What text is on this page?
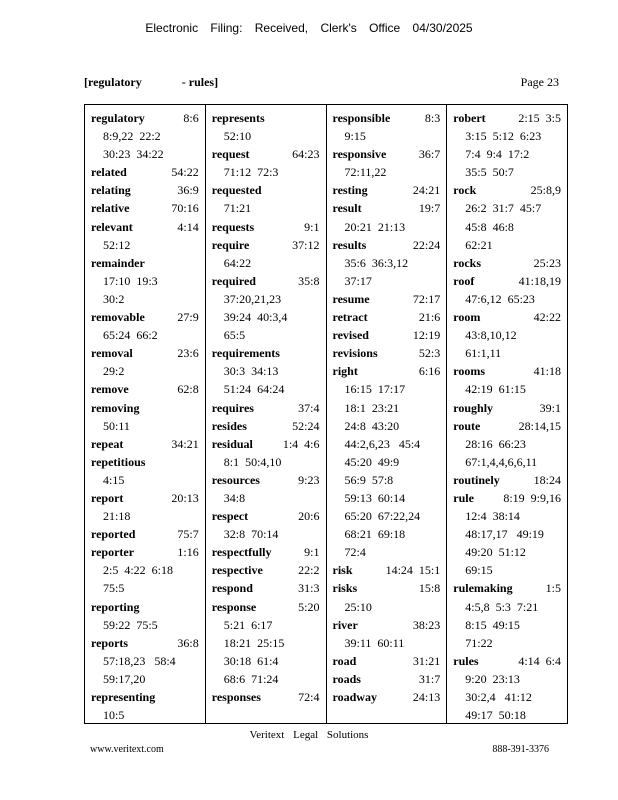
Electronic Filing: Received, Clerk's Office 04/30/2025
[regulatory	- rules]	Page 23
regulatory	8:6
8:9,22  22:2
30:23  34:22
related	54:22
relating	36:9
relative	70:16
relevant	4:14
52:12
remainder
17:10  19:3
30:2
removable	27:9
65:24  66:2
removal	23:6
29:2
remove	62:8
removing
50:11
repeat	34:21
repetitious
4:15
report	20:13
21:18
reported	75:7
reporter	1:16
2:5  4:22  6:18
75:5
reporting
59:22  75:5
reports	36:8
57:18,23   58:4
59:17,20
representing
10:5
represents
52:10
request	64:23
71:12  72:3
requested
71:21
requests	9:1
require	37:12
64:22
required	35:8
37:20,21,23
39:24  40:3,4
65:5
requirements
30:3  34:13
51:24  64:24
requires	37:4
resides	52:24
residual 1:4  4:6
8:1  50:4,10
resources	9:23
34:8
respect	20:6
32:8  70:14
respectfully	9:1
respective	22:2
respond	31:3
response	5:20
5:21  6:17
18:21  25:15
30:18  61:4
68:6  71:24
responses	72:4
responsible	8:3
9:15
responsive	36:7
72:11,22
resting	24:21
result	19:7
20:21  21:13
results	22:24
35:6  36:3,12
37:17
resume	72:17
retract	21:6
revised	12:19
revisions	52:3
right	6:16
16:15  17:17
18:1  23:21
24:8  43:20
44:2,6,23   45:4
45:20  49:9
56:9  57:8
59:13  60:14
65:20  67:22,24
68:21  69:18
72:4
risk	14:24  15:1
risks	15:8
25:10
river	38:23
39:11  60:11
road	31:21
roads	31:7
roadway	24:13
robert	2:15  3:5
3:15  5:12  6:23
7:4  9:4  17:2
35:5  50:7
rock	25:8,9
26:2  31:7  45:7
45:8  46:8
62:21
rocks	25:23
roof	41:18,19
47:6,12  65:23
room	42:22
43:8,10,12
61:1,11
rooms	41:18
42:19  61:15
roughly	39:1
route	28:14,15
28:16  66:23
67:1,4,4,6,6,11
routinely	18:24
rule 8:19  9:9,16
12:4  38:14
48:17,17   49:19
49:20  51:12
69:15
rulemaking	1:5
4:5,8  5:3  7:21
8:15  49:15
71:22
rules	4:14  6:4
9:20  23:13
30:2,4   41:12
49:17  50:18
Veritext Legal Solutions
www.veritext.com	888-391-3376
